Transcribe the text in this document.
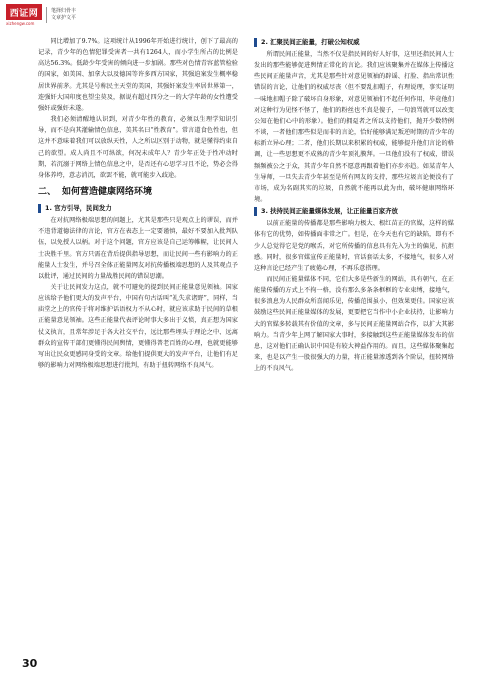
西证网
xizhengw.com
笔择归骨丰
文章护文平

同比增加了9.7%。这项统计从1996年开始进行统计，创下了最高的记录，青少年的色情犯罪受害者一共有1264人，而小学生所占的比例是高达56.3%。低龄少年受害的倾向进一步加剧。那些对色情青容蓝管检验的国家，如美国、加拿大以及德国等许多西方国家，其强迫案发生概率稳居世界前茅。尤其是号称民主天堂的美国，其强奸案发生率居世界第一，连强奸大国印度也望尘莫及，据说有超过四分之一的大学年龄的女性遭受强奸或强奸未遂。

我们必须清醒地认识到，对青少年性的教育，必须以生理学知识引导，而不是向其灌输情色信息，美其名曰“性教育”。常言道食色性也，但这并不意味着我们可以放纵天性，人之所以区别于动物，就是懂得约束自己的欲望。成人尚且不可纵欲，何况未成年人？青少年正处于性冲动时期，若沉溺于网络上情色信息之中，是否还有心思学习且不论，势必会得身体养垮，意志消沉，欲罢不能，就可能步入歧途。

二、 如何营造健康网络环境
1. 官方引导，民间发力

在对抗网络极端思想的问题上，尤其是那些只是观点上的谬误，而并不违背道德法律的言论，官方在表态上一定要谨慎，最好不要加入批判队伍，以免授人以柄。对于这个问题，官方应该是自己运筹帷幄，让民间人士决胜千里。官方只需在背后提供指导思想，而让民间一些有影响力的正能量人士发生，并号召全体正能量网友对抗传播极端思想的人及其观点予以批评，通过民间的力量战胜民间的错误思潮。

关于让民间发力这点，就不可避免的提到民间正能量意见领袖。国家应该给予他们更大的发声平台，中国有句古话叫“礼失求诸野”，同样，当庙堂之上的官传于将对维护话语权力不从心时，就应该求助于民间的草根正能量意见领袖。这些正能量代表评论时事大多出于义愤，真正想为国家仗义执言，且常年涉足于各大社交平台，远比那些埋头于理论之中、远离群众的宣传干部们更懂得民间舆情，更懂得普老百姓的心理，也就更能够写出让民众更感同身受的文章。给他们提供更大的发声平台，让他们有足够的影响力对网络极端思想进行批判，有助于扭转网络不良风气。

2. 汇聚民间正能量，打破公知权威

所谓民间正能量，当然不仅是指民间的好人好事，这里还指民间人士发出的那些能够促进舆情正常化的言论。我们应该聚集并在媒体上传播这些民间正能量声音，尤其是那些针对意见领袖的辟谣、打脸、指出常识性错误的言论，让他们的权威尽丧（但不要乱扣帽子，有理说理，事实证明一味地扣帽子除了破坏自身形象，对意见领袖们不起任何作用，毕竟他们对这种行为见怪不怪了，他们的粉丝也不真是傻子，一句浪骂就可以改变公知在他们心中的形象）。他们的拥趸者之所以支持他们，抛开少数特例不谈，一者他们那些似是而非的言论，恰好能够满足叛逆时期的青少年的标新立异心理；二者，他们长期以来积累的权威，能够提升他们言论的格调，让一些思想更不成熟的青少年顶礼膜拜。一旦他们没有了权威，错误频频被公之于众，其青少年自然不愿意再跟着他们亦步亦趋。如某青年人生导师，一旦失去青少年甚至是所有网友的支持，那些垃圾言论便没有了市场，成为名副其实的垃圾，自然就不能再以此为由，破坏健康网络环境。

3. 扶持民间正能量媒体发展，让正能量百家齐放

以前正能量的传播都是那些影响力极大、根红苗正的官媒，这样的媒体有它的优势，如传播面非常之广。但是，在今天也有它的缺陷，即有不少人总觉得它是党的喉舌，对它所传播的信息具有先入为主的偏见，抗拒感。同时，很多官媒宣传正能量时，官话套话太多，不接地气，很多人对这种言论已经产生了疲倦心理，不再乐意搭理。

而民间正能量媒体不同，它们大多是些新生的网站，具有朝气，在正能量传播的方式上不拘一格，没有那么多条条框框的专业束缚，接地气，很多浪息为人民群众所喜闻乐见，传播范围虽小，但效果更佳。国家应该鼓励这些民间正能量媒体的发展，更要把它当作中小企业扶持，让影响力大的官媒多转载其有价值的文章，多与民间正能量网站合作，以扩大其影响力。当青少年上网了解国家大事时，多接触到这些正能量媒体发布的信息，这对他们正确认识中国是有较大裨益作用的。而且，这些媒体聚集起来，也是以产生一股很强大的力量，将正能量渗透到各个阶层，扭转网络上的不良风气。

30
